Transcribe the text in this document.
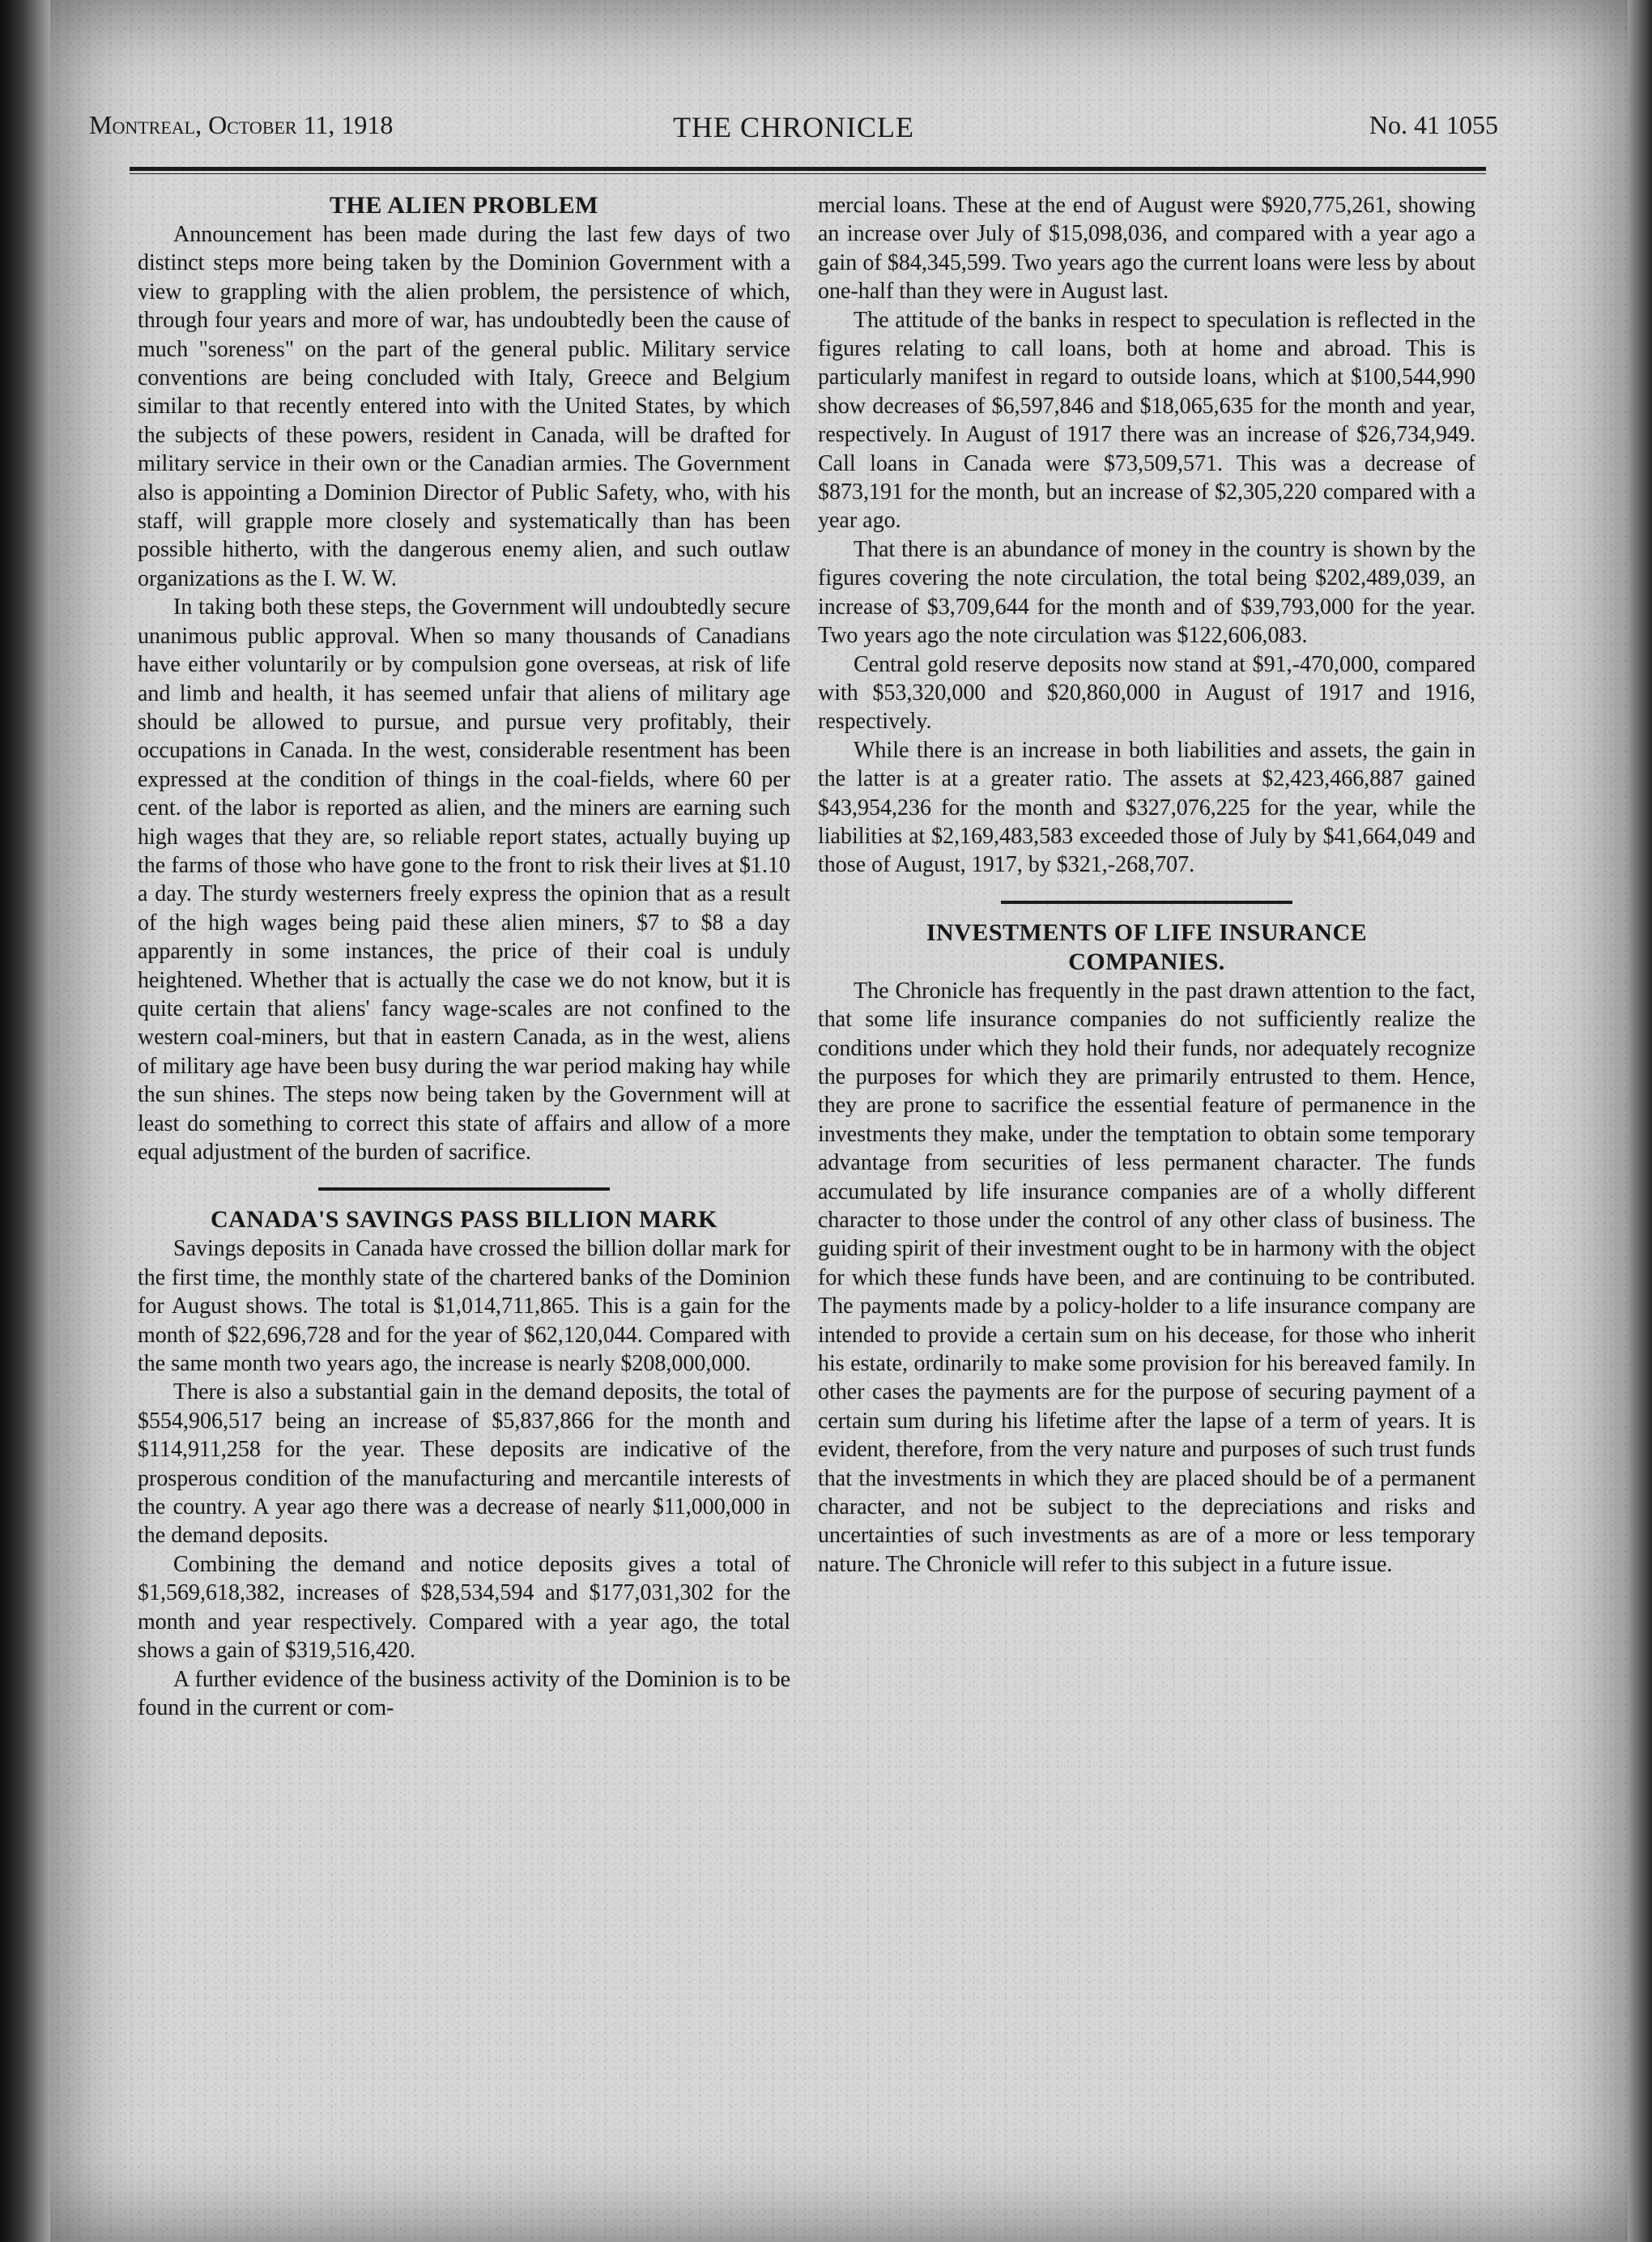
Montreal, October 11, 1918	THE CHRONICLE	No. 41 1055
THE ALIEN PROBLEM

Announcement has been made during the last few days of two distinct steps more being taken by the Dominion Government with a view to grappling with the alien problem, the persistence of which, through four years and more of war, has undoubtedly been the cause of much "soreness" on the part of the general public. Military service conventions are being concluded with Italy, Greece and Belgium similar to that recently entered into with the United States, by which the subjects of these powers, resident in Canada, will be drafted for military service in their own or the Canadian armies. The Government also is appointing a Dominion Director of Public Safety, who, with his staff, will grapple more closely and systematically than has been possible hitherto, with the dangerous enemy alien, and such outlaw organizations as the I. W. W.

In taking both these steps, the Government will undoubtedly secure unanimous public approval. When so many thousands of Canadians have either voluntarily or by compulsion gone overseas, at risk of life and limb and health, it has seemed unfair that aliens of military age should be allowed to pursue, and pursue very profitably, their occupations in Canada. In the west, considerable resentment has been expressed at the condition of things in the coal-fields, where 60 per cent. of the labor is reported as alien, and the miners are earning such high wages that they are, so reliable report states, actually buying up the farms of those who have gone to the front to risk their lives at $1.10 a day. The sturdy westerners freely express the opinion that as a result of the high wages being paid these alien miners, $7 to $8 a day apparently in some instances, the price of their coal is unduly heightened. Whether that is actually the case we do not know, but it is quite certain that aliens' fancy wage-scales are not confined to the western coal-miners, but that in eastern Canada, as in the west, aliens of military age have been busy during the war period making hay while the sun shines. The steps now being taken by the Government will at least do something to correct this state of affairs and allow of a more equal adjustment of the burden of sacrifice.

CANADA'S SAVINGS PASS BILLION MARK

Savings deposits in Canada have crossed the billion dollar mark for the first time, the monthly state of the chartered banks of the Dominion for August shows. The total is $1,014,711,865. This is a gain for the month of $22,696,728 and for the year of $62,120,044. Compared with the same month two years ago, the increase is nearly $208,000,000.

There is also a substantial gain in the demand deposits, the total of $554,906,517 being an increase of $5,837,866 for the month and $114,911,258 for the year. These deposits are indicative of the prosperous condition of the manufacturing and mercantile interests of the country. A year ago there was a decrease of nearly $11,000,000 in the demand deposits.

Combining the demand and notice deposits gives a total of $1,569,618,382, increases of $28,534,594 and $177,031,302 for the month and year respectively. Compared with a year ago, the total shows a gain of $319,516,420.

A further evidence of the business activity of the Dominion is to be found in the current or com-

mercial loans. These at the end of August were $920,775,261, showing an increase over July of $15,098,036, and compared with a year ago a gain of $84,345,599. Two years ago the current loans were less by about one-half than they were in August last.

The attitude of the banks in respect to speculation is reflected in the figures relating to call loans, both at home and abroad. This is particularly manifest in regard to outside loans, which at $100,544,990 show decreases of $6,597,846 and $18,065,635 for the month and year, respectively. In August of 1917 there was an increase of $26,734,949. Call loans in Canada were $73,509,571. This was a decrease of $873,191 for the month, but an increase of $2,305,220 compared with a year ago.

That there is an abundance of money in the country is shown by the figures covering the note circulation, the total being $202,489,039, an increase of $3,709,644 for the month and of $39,793,000 for the year. Two years ago the note circulation was $122,606,083.

Central gold reserve deposits now stand at $91,-470,000, compared with $53,320,000 and $20,860,000 in August of 1917 and 1916, respectively.

While there is an increase in both liabilities and assets, the gain in the latter is at a greater ratio. The assets at $2,423,466,887 gained $43,954,236 for the month and $327,076,225 for the year, while the liabilities at $2,169,483,583 exceeded those of July by $41,664,049 and those of August, 1917, by $321,-268,707.

INVESTMENTS OF LIFE INSURANCE
COMPANIES.

The Chronicle has frequently in the past drawn attention to the fact, that some life insurance companies do not sufficiently realize the conditions under which they hold their funds, nor adequately recognize the purposes for which they are primarily entrusted to them. Hence, they are prone to sacrifice the essential feature of permanence in the investments they make, under the temptation to obtain some temporary advantage from securities of less permanent character. The funds accumulated by life insurance companies are of a wholly different character to those under the control of any other class of business. The guiding spirit of their investment ought to be in harmony with the object for which these funds have been, and are continuing to be contributed. The payments made by a policy-holder to a life insurance company are intended to provide a certain sum on his decease, for those who inherit his estate, ordinarily to make some provision for his bereaved family. In other cases the payments are for the purpose of securing payment of a certain sum during his lifetime after the lapse of a term of years. It is evident, therefore, from the very nature and purposes of such trust funds that the investments in which they are placed should be of a permanent character, and not be subject to the depreciations and risks and uncertainties of such investments as are of a more or less temporary nature. The Chronicle will refer to this subject in a future issue.
